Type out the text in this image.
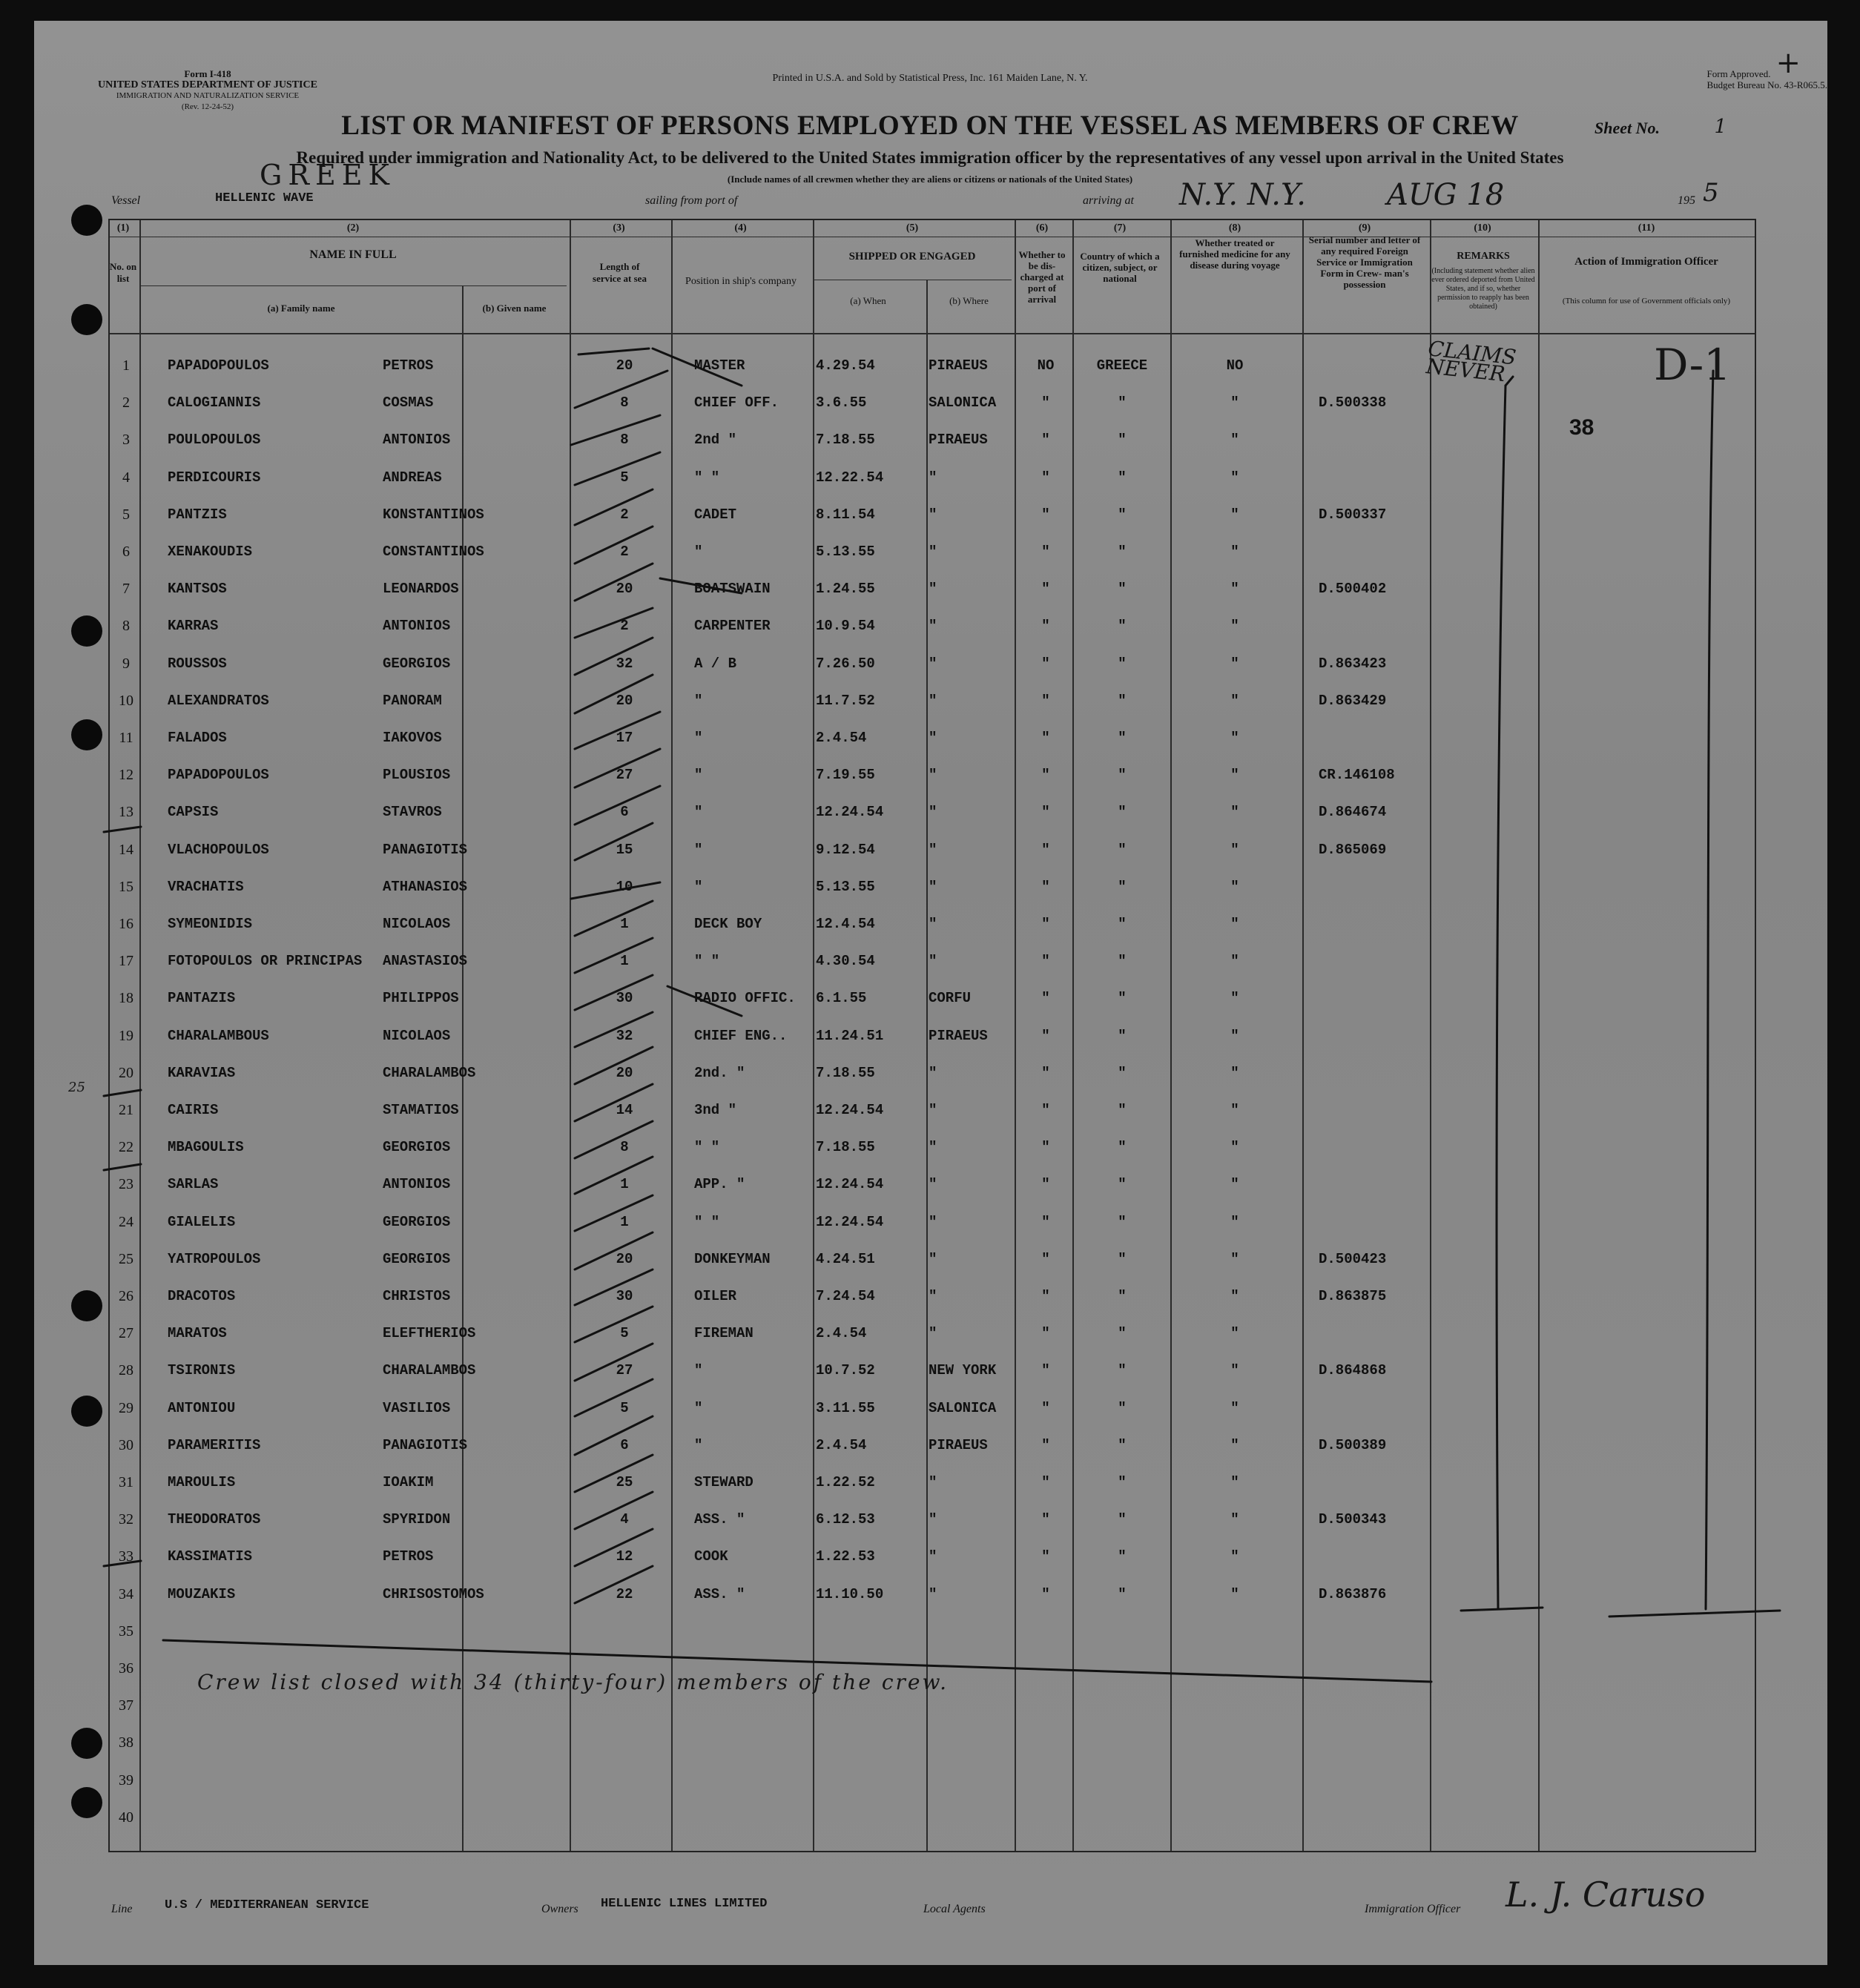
Form I-418
UNITED STATES DEPARTMENT OF JUSTICE
IMMIGRATION AND NATURALIZATION SERVICE
(Rev. 12-24-52)
Printed in U.S.A. and Sold by Statistical Press, Inc. 161 Maiden Lane, N. Y.	Form Approved.
Budget Bureau No. 43-R065.5.
+
LIST OR MANIFEST OF PERSONS EMPLOYED ON THE VESSEL AS MEMBERS OF CREW	Sheet No.	1
Required under immigration and Nationality Act, to be delivered to the United States immigration officer by the representatives of any vessel upon arrival in the United States
(Include names of all crewmen whether they are aliens or citizens or nationals of the United States)
Vessel	HELLENIC WAVE
GREEK
sailing from port of	arriving at N.Y. N.Y.	AUG 18	195 5
(1)	(2)	(3)	(4)	(5)	(6)	(7)	(8)	(9)	(10)	(11)
No. on list
NAME IN FULL
(a) Family name	(b) Given name
Length of service at sea	Position in ship's company
SHIPPED OR ENGAGED
(a) When	(b) Where
Whether to be dis- charged at port of arrival
Country of which a citizen, subject, or national
Whether treated or furnished medicine for any disease during voyage
Serial number and letter of any required Foreign Service or Immigration Form in Crew- man's possession
REMARKS
(Including statement whether alien ever ordered deported from United States, and if so, whether permission to reapply has been obtained)
Action of Immigration Officer
(This column for use of Government officials only)
1	PAPADOPOULOS	PETROS	20	MASTER	4.29.54	PIRAEUS	NO	GREECE	NO
2	CALOGIANNIS	COSMAS	8	CHIEF OFF.	3.6.55	SALONICA	"	"	"	D.500338
3	POULOPOULOS	ANTONIOS	8	2nd "	7.18.55	PIRAEUS	"	"	"
4	PERDICOURIS	ANDREAS	5	" "	12.22.54	"	"	"	"
5	PANTZIS	KONSTANTINOS	2	CADET	8.11.54	"	"	"	"	D.500337
6	XENAKOUDIS	CONSTANTINOS	2	"	5.13.55	"	"	"	"
7	KANTSOS	LEONARDOS	20	BOATSWAIN	1.24.55	"	"	"	"	D.500402
8	KARRAS	ANTONIOS	2	CARPENTER	10.9.54	"	"	"	"
9	ROUSSOS	GEORGIOS	32	A / B	7.26.50	"	"	"	"	D.863423
10	ALEXANDRATOS	PANORAM	20	"	11.7.52	"	"	"	"	D.863429
11	FALADOS	IAKOVOS	17	"	2.4.54	"	"	"	"
12	PAPADOPOULOS	PLOUSIOS	27	"	7.19.55	"	"	"	"	CR.146108
13	CAPSIS	STAVROS	6	"	12.24.54	"	"	"	"	D.864674
14	VLACHOPOULOS	PANAGIOTIS	15	"	9.12.54	"	"	"	"	D.865069
15	VRACHATIS	ATHANASIOS	10	"	5.13.55	"	"	"	"
16	SYMEONIDIS	NICOLAOS	1	DECK BOY	12.4.54	"	"	"	"
17	FOTOPOULOS OR PRINCIPAS ANASTASIOS	1	" "	4.30.54	"	"	"	"
18	PANTAZIS	PHILIPPOS	30	RADIO OFFIC. 6.1.55	CORFU	"	"	"
19	CHARALAMBOUS	NICOLAOS	32	CHIEF ENG.. 11.24.51	PIRAEUS	"	"	"
20	KARAVIAS	CHARALAMBOS	20	2nd. "	7.18.55	"	"	"	"
21	CAIRIS	STAMATIOS	14	3nd "	12.24.54	"	"	"	"
22	MBAGOULIS	GEORGIOS	8	" "	7.18.55	"	"	"	"
23	SARLAS	ANTONIOS	1	APP. "	12.24.54	"	"	"	"
24	GIALELIS	GEORGIOS	1	" "	12.24.54	"	"	"	"
25	YATROPOULOS	GEORGIOS	20	DONKEYMAN	4.24.51	"	"	"	"	D.500423
26	DRACOTOS	CHRISTOS	30	OILER	7.24.54	"	"	"	"	D.863875
27	MARATOS	ELEFTHERIOS	5	FIREMAN	2.4.54	"	"	"	"
28	TSIRONIS	CHARALAMBOS	27	"	10.7.52	NEW YORK	"	"	"	D.864868
29	ANTONIOU	VASILIOS	5	"	3.11.55	SALONICA	"	"	"
30	PARAMERITIS	PANAGIOTIS	6	"	2.4.54	PIRAEUS	"	"	"	D.500389
31	MAROULIS	IOAKIM	25	STEWARD	1.22.52	"	"	"	"
32	THEODORATOS	SPYRIDON	4	ASS. "	6.12.53	"	"	"	"	D.500343
33	KASSIMATIS	PETROS	12	COOK	1.22.53	"	"	"	"
34	MOUZAKIS	CHRISOSTOMOS	22	ASS. "	11.10.50	"	"	"	"	D.863876
35
36
37
38
39
40
CLAIMS NEVER	D-1
38
25
Crew list closed with 34 (thirty-four) members of the crew.
Line	U.S / MEDITERRANEAN SERVICE	Owners HELLENIC LINES LIMITED	Local Agents	Immigration Officer L. J. Caruso
